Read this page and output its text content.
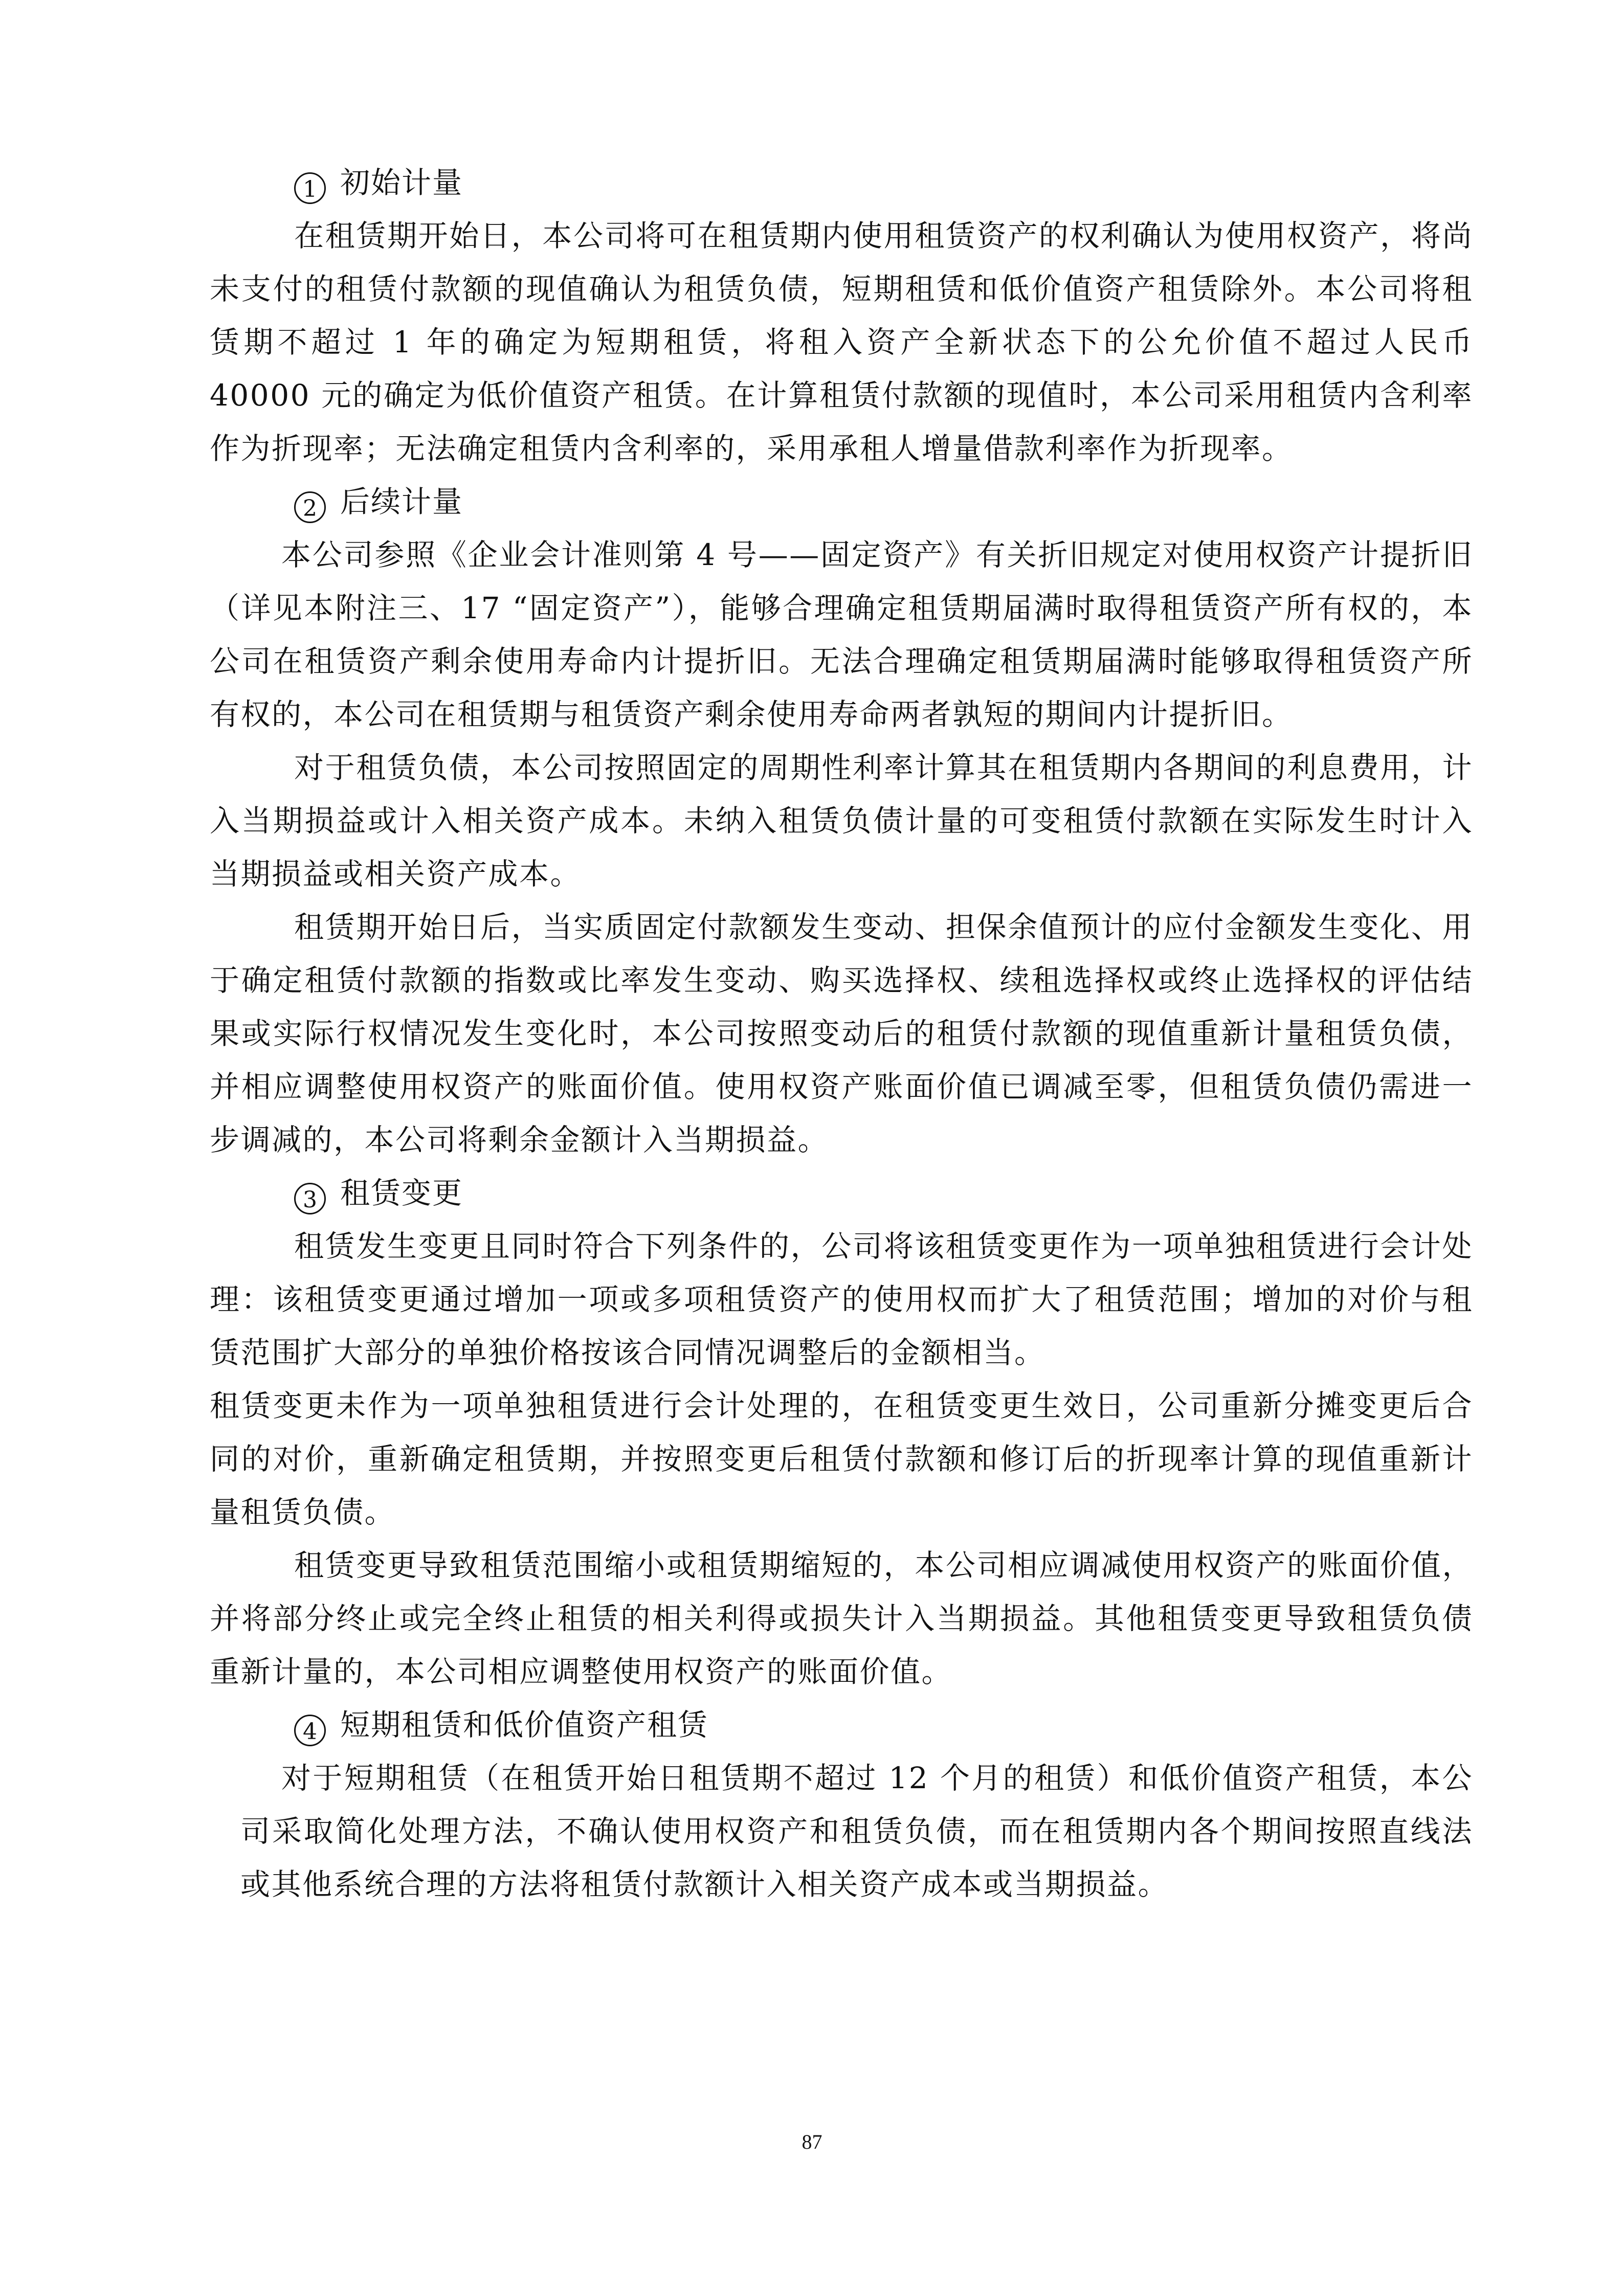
1 初始计量

在租赁期开始日，本公司将可在租赁期内使用租赁资产的权利确认为使用权资产，将尚未支付的租赁付款额的现值确认为租赁负债，短期租赁和低价值资产租赁除外。本公司将租赁期不超过 1 年的确定为短期租赁，将租入资产全新状态下的公允价值不超过人民币 40000 元的确定为低价值资产租赁。在计算租赁付款额的现值时，本公司采用租赁内含利率作为折现率；无法确定租赁内含利率的，采用承租人增量借款利率作为折现率。

2 后续计量

本公司参照《企业会计准则第 4 号——固定资产》有关折旧规定对使用权资产计提折旧（详见本附注三、17 “固定资产”），能够合理确定租赁期届满时取得租赁资产所有权的，本公司在租赁资产剩余使用寿命内计提折旧。无法合理确定租赁期届满时能够取得租赁资产所有权的，本公司在租赁期与租赁资产剩余使用寿命两者孰短的期间内计提折旧。

对于租赁负债，本公司按照固定的周期性利率计算其在租赁期内各期间的利息费用，计入当期损益或计入相关资产成本。未纳入租赁负债计量的可变租赁付款额在实际发生时计入当期损益或相关资产成本。

租赁期开始日后，当实质固定付款额发生变动、担保余值预计的应付金额发生变化、用于确定租赁付款额的指数或比率发生变动、购买选择权、续租选择权或终止选择权的评估结果或实际行权情况发生变化时，本公司按照变动后的租赁付款额的现值重新计量租赁负债，并相应调整使用权资产的账面价值。使用权资产账面价值已调减至零，但租赁负债仍需进一步调减的，本公司将剩余金额计入当期损益。

3 租赁变更

租赁发生变更且同时符合下列条件的，公司将该租赁变更作为一项单独租赁进行会计处理：该租赁变更通过增加一项或多项租赁资产的使用权而扩大了租赁范围；增加的对价与租赁范围扩大部分的单独价格按该合同情况调整后的金额相当。

租赁变更未作为一项单独租赁进行会计处理的，在租赁变更生效日，公司重新分摊变更后合同的对价，重新确定租赁期，并按照变更后租赁付款额和修订后的折现率计算的现值重新计量租赁负债。

租赁变更导致租赁范围缩小或租赁期缩短的，本公司相应调减使用权资产的账面价值，并将部分终止或完全终止租赁的相关利得或损失计入当期损益。其他租赁变更导致租赁负债重新计量的，本公司相应调整使用权资产的账面价值。

4 短期租赁和低价值资产租赁

对于短期租赁（在租赁开始日租赁期不超过 12 个月的租赁）和低价值资产租赁，本公司采取简化处理方法，不确认使用权资产和租赁负债，而在租赁期内各个期间按照直线法或其他系统合理的方法将租赁付款额计入相关资产成本或当期损益。

87
